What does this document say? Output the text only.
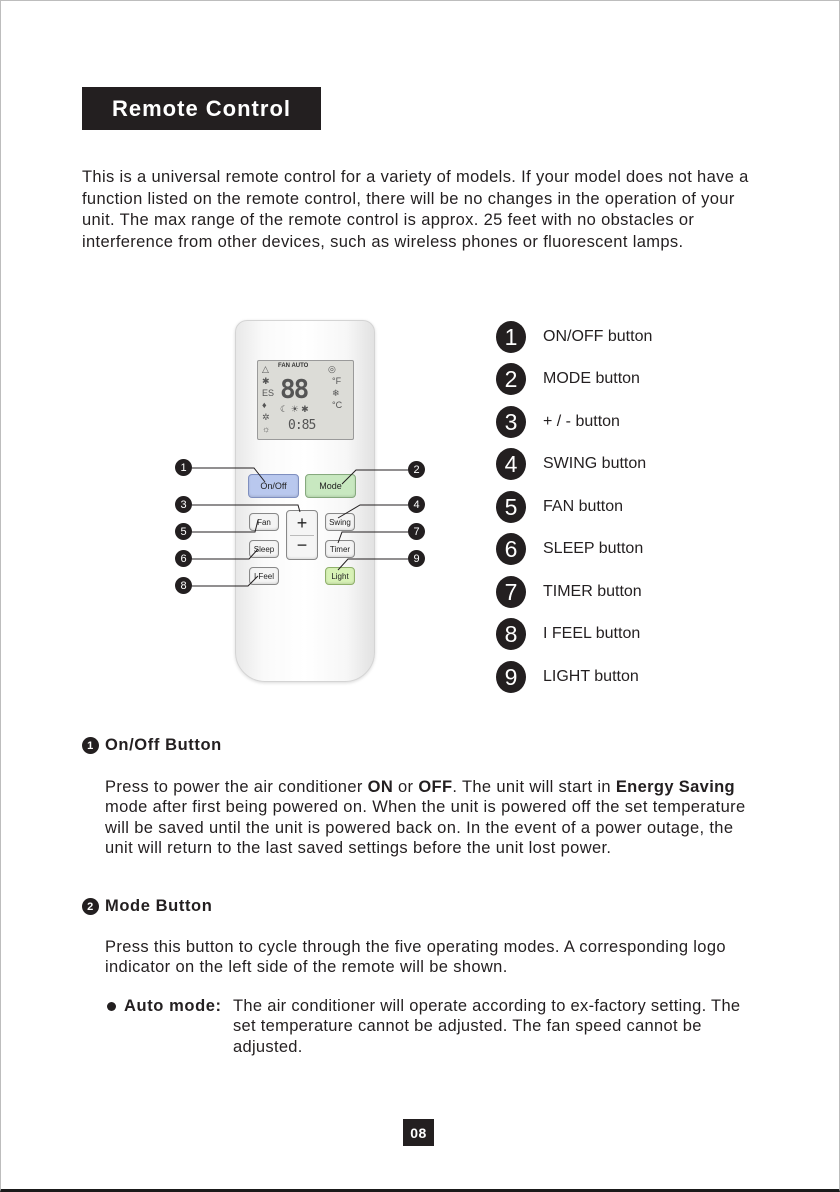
Remote Control
This is a universal remote control for a variety of models. If your model does not have a function listed on the remote control, there will be no changes in the operation of your unit. The max range of the remote control is approx. 25 feet with no obstacles or interference from other devices, such as wireless phones or fluorescent lamps.
FAN AUTO
△
✱
ES
♦
✲
☼
◎
°F
❄
°C
☾ ☀ ✱
88
0:85
On/Off	Mode
+
−
Fan	Swing
Sleep	Timer
I Feel	Light
1	2
3	4
5	7
6	9
8
1	ON/OFF button
2	MODE button
3	+ / - button
4	SWING button
5	FAN button
6	SLEEP button
7	TIMER button
8	I FEEL button
9	LIGHT button
1 On/Off Button
Press to power the air conditioner ON or OFF. The unit will start in Energy Saving mode after first being powered on. When the unit is powered off the set temperature will be saved until the unit is powered back on. In the event of a power outage, the unit will return to the last saved settings before the unit lost power.
2 Mode Button
Press this button to cycle through the five operating modes. A corresponding logo indicator on the left side of the remote will be shown.
Auto mode: The air conditioner will operate according to ex-factory setting. The set temperature cannot be adjusted. The fan speed cannot be adjusted.
08
